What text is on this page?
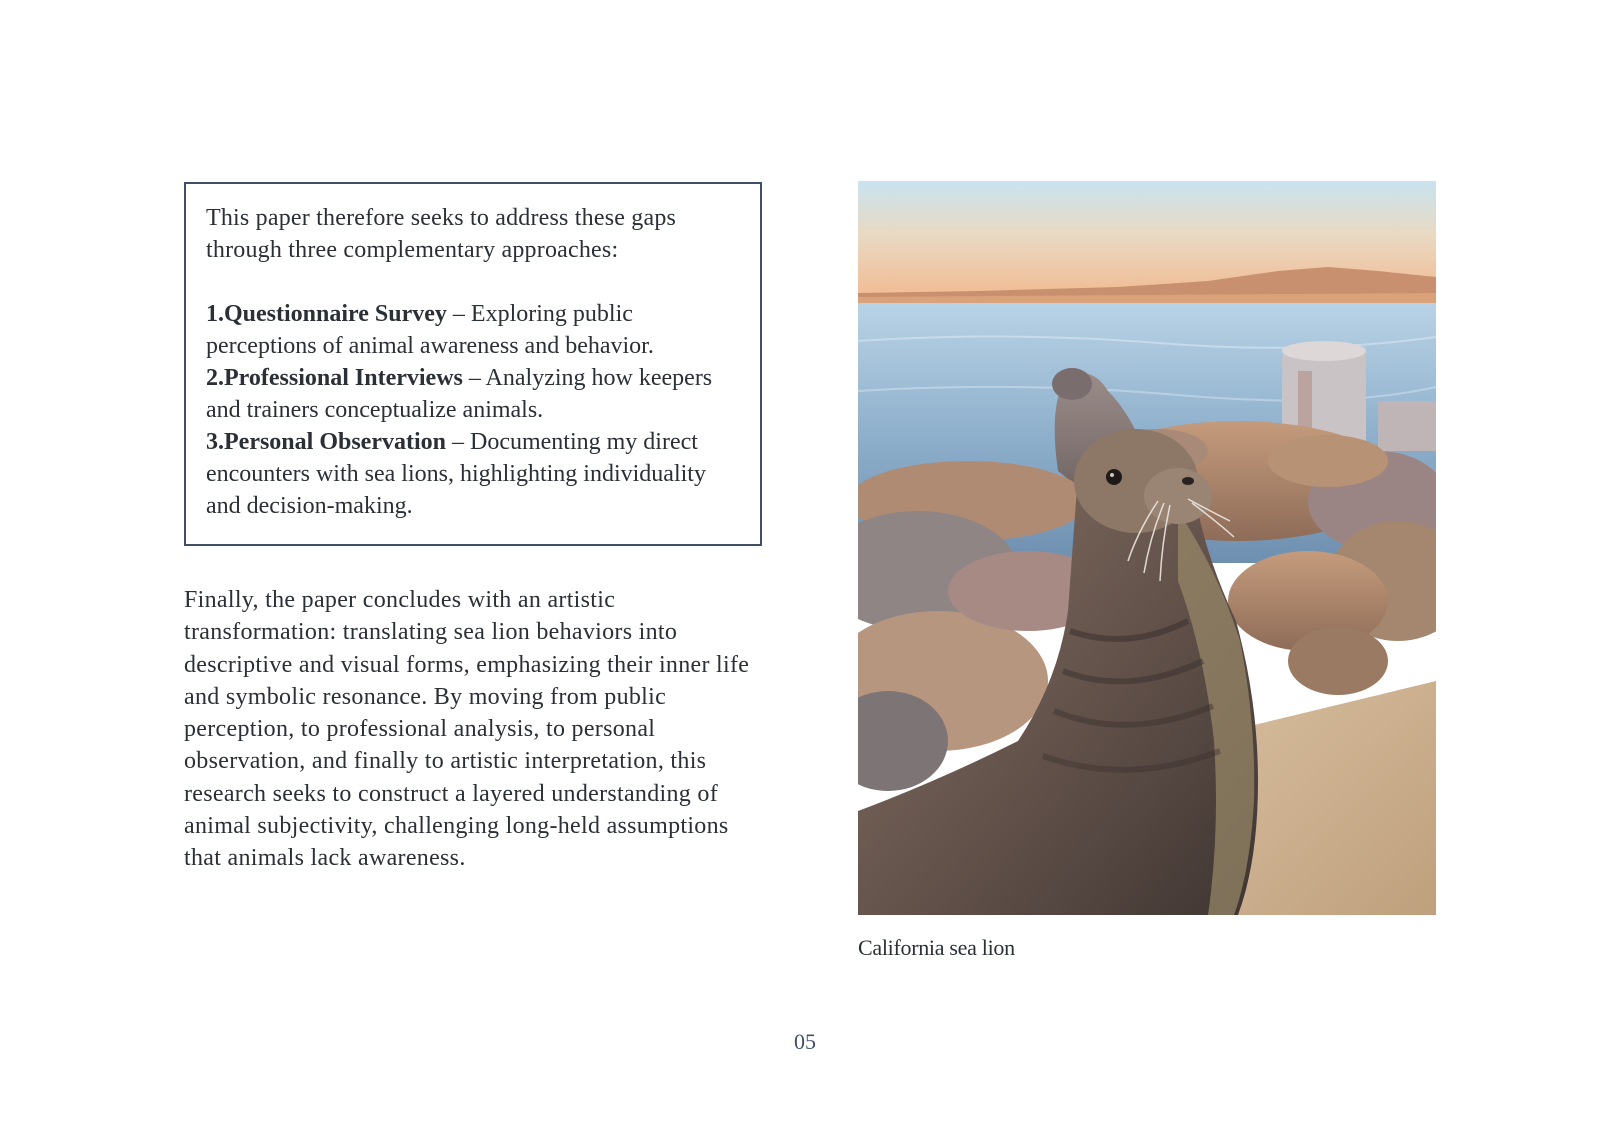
This paper therefore seeks to address these gaps through three complementary approaches:

1.Questionnaire Survey – Exploring public perceptions of animal awareness and behavior.

2.Professional Interviews – Analyzing how keepers and trainers conceptualize animals.

3.Personal Observation – Documenting my direct encounters with sea lions, highlighting individuality and decision-making.

Finally, the paper concludes with an artistic transformation: translating sea lion behaviors into descriptive and visual forms, emphasizing their inner life and symbolic resonance. By moving from public perception, to professional analysis, to personal observation, and finally to artistic interpretation, this research seeks to construct a layered understanding of animal subjectivity, challenging long-held assumptions that animals lack awareness.

California sea lion
05
